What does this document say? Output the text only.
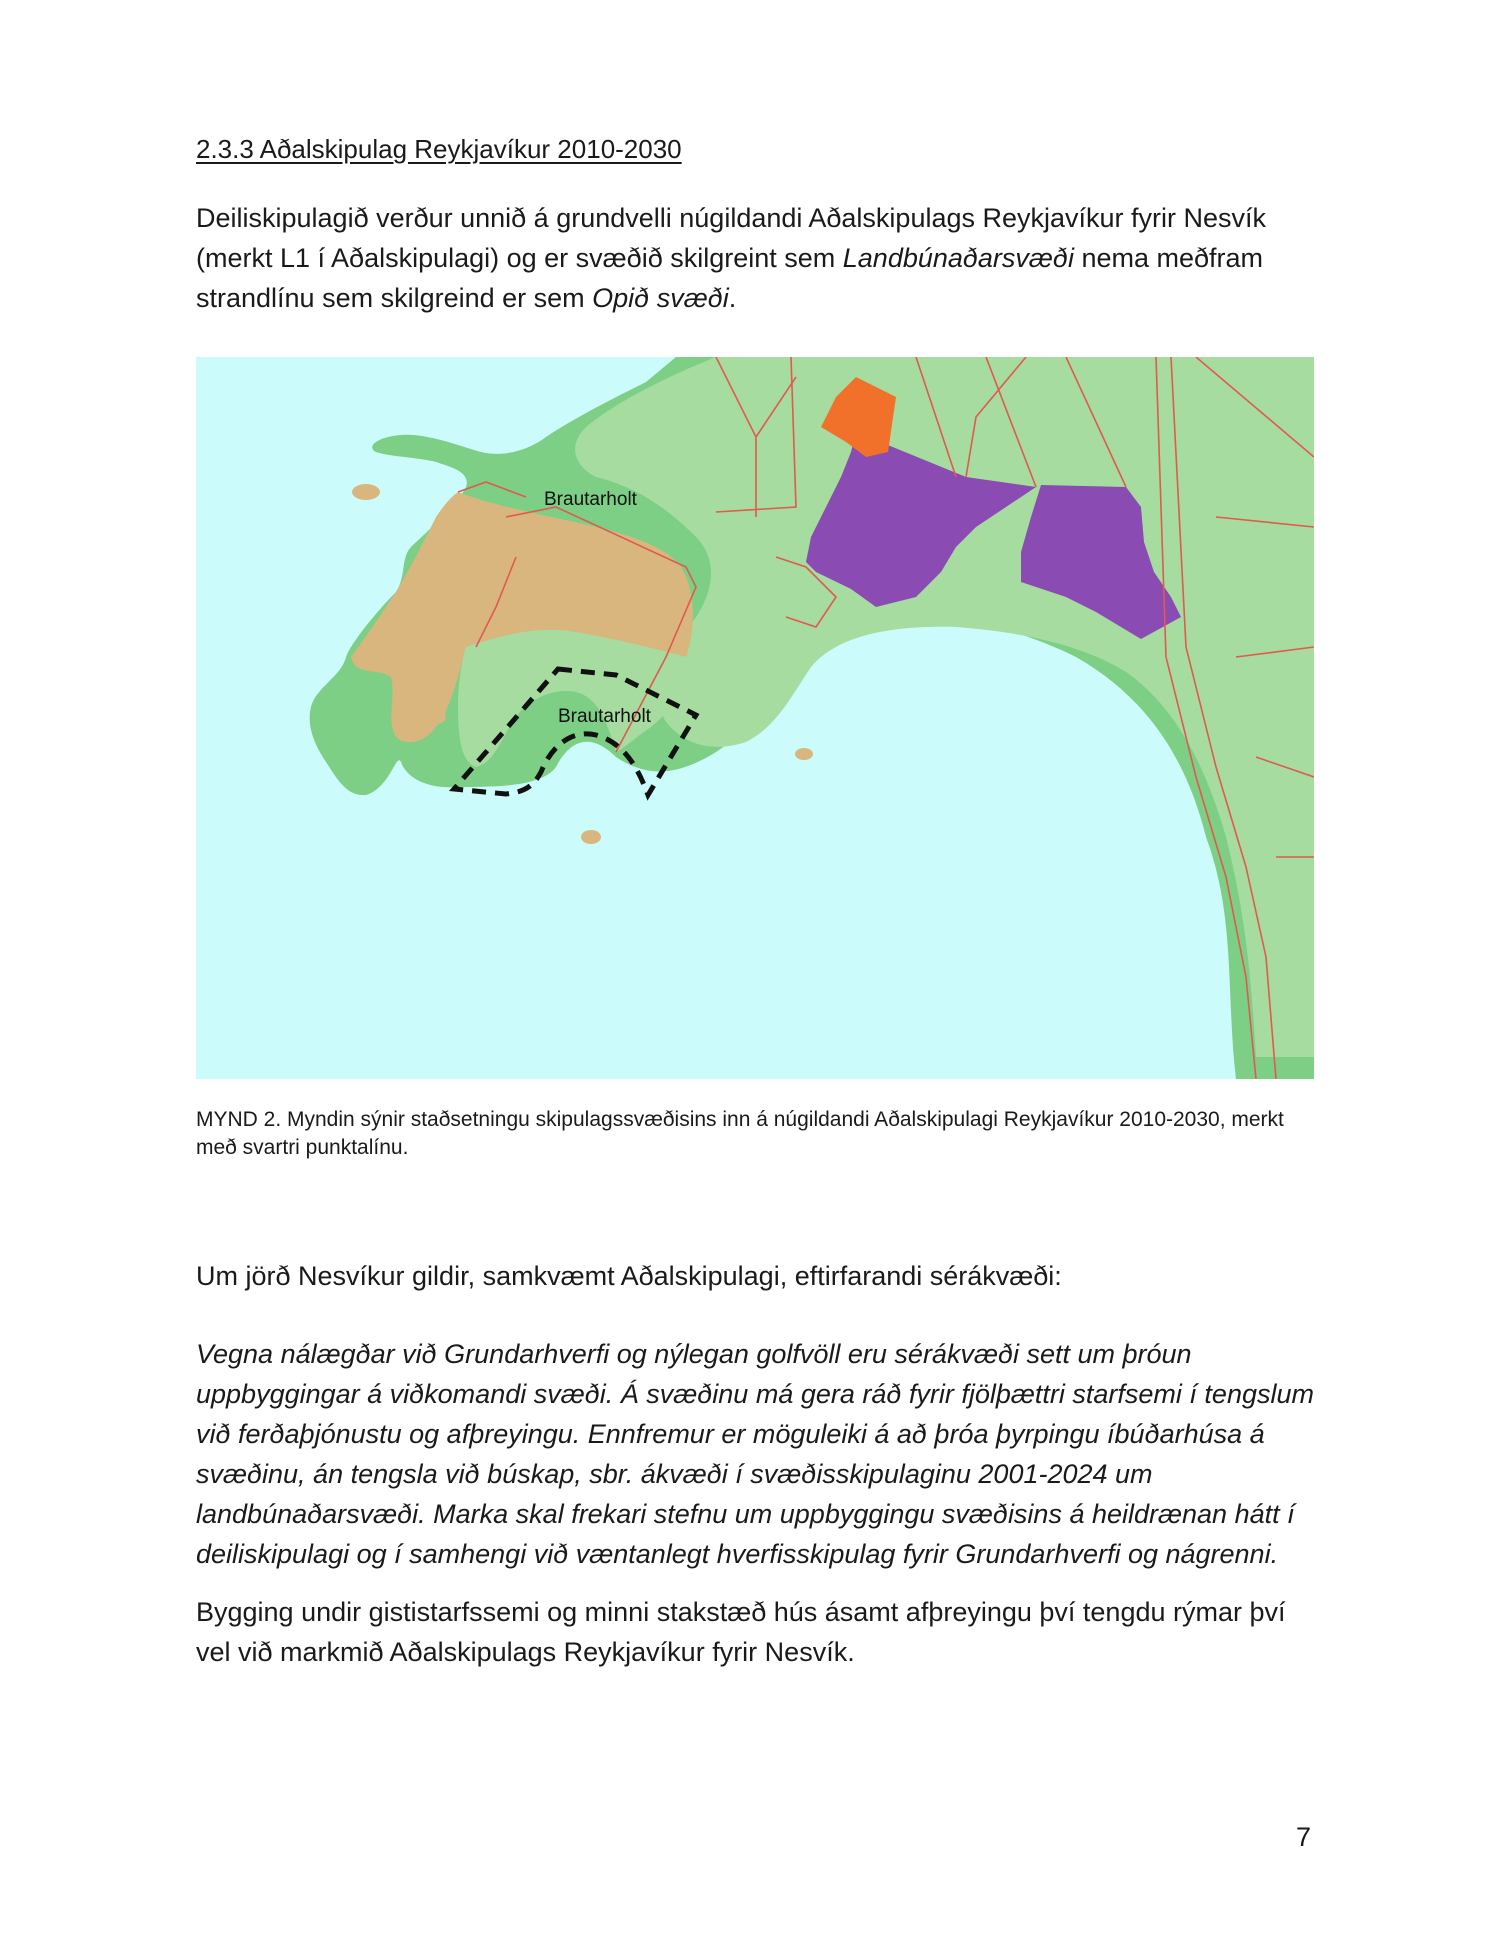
2.3.3 Aðalskipulag Reykjavíkur 2010-2030

Deiliskipulagið verður unnið á grundvelli núgildandi Aðalskipulags Reykjavíkur fyrir Nesvík (merkt L1 í Aðalskipulagi) og er svæðið skilgreint sem Landbúnaðarsvæði nema meðfram strandlínu sem skilgreind er sem Opið svæði.

Brautarholt
Brautarholt

MYND 2. Myndin sýnir staðsetningu skipulagssvæðisins inn á núgildandi Aðalskipulagi Reykjavíkur 2010-2030, merkt með svartri punktalínu.

Um jörð Nesvíkur gildir, samkvæmt Aðalskipulagi, eftirfarandi sérákvæði:

Vegna nálægðar við Grundarhverfi og nýlegan golfvöll eru sérákvæði sett um þróun uppbyggingar á viðkomandi svæði. Á svæðinu má gera ráð fyrir fjölþættri starfsemi í tengslum við ferðaþjónustu og afþreyingu. Ennfremur er möguleiki á að þróa þyrpingu íbúðarhúsa á svæðinu, án tengsla við búskap, sbr. ákvæði í svæðisskipulaginu 2001-2024 um landbúnaðarsvæði. Marka skal frekari stefnu um uppbyggingu svæðisins á heildrænan hátt í deiliskipulagi og í samhengi við væntanlegt hverfisskipulag fyrir Grundarhverfi og nágrenni.

Bygging undir gististarfssemi og minni stakstæð hús ásamt afþreyingu því tengdu rýmar því vel við markmið Aðalskipulags Reykjavíkur fyrir Nesvík.

7
